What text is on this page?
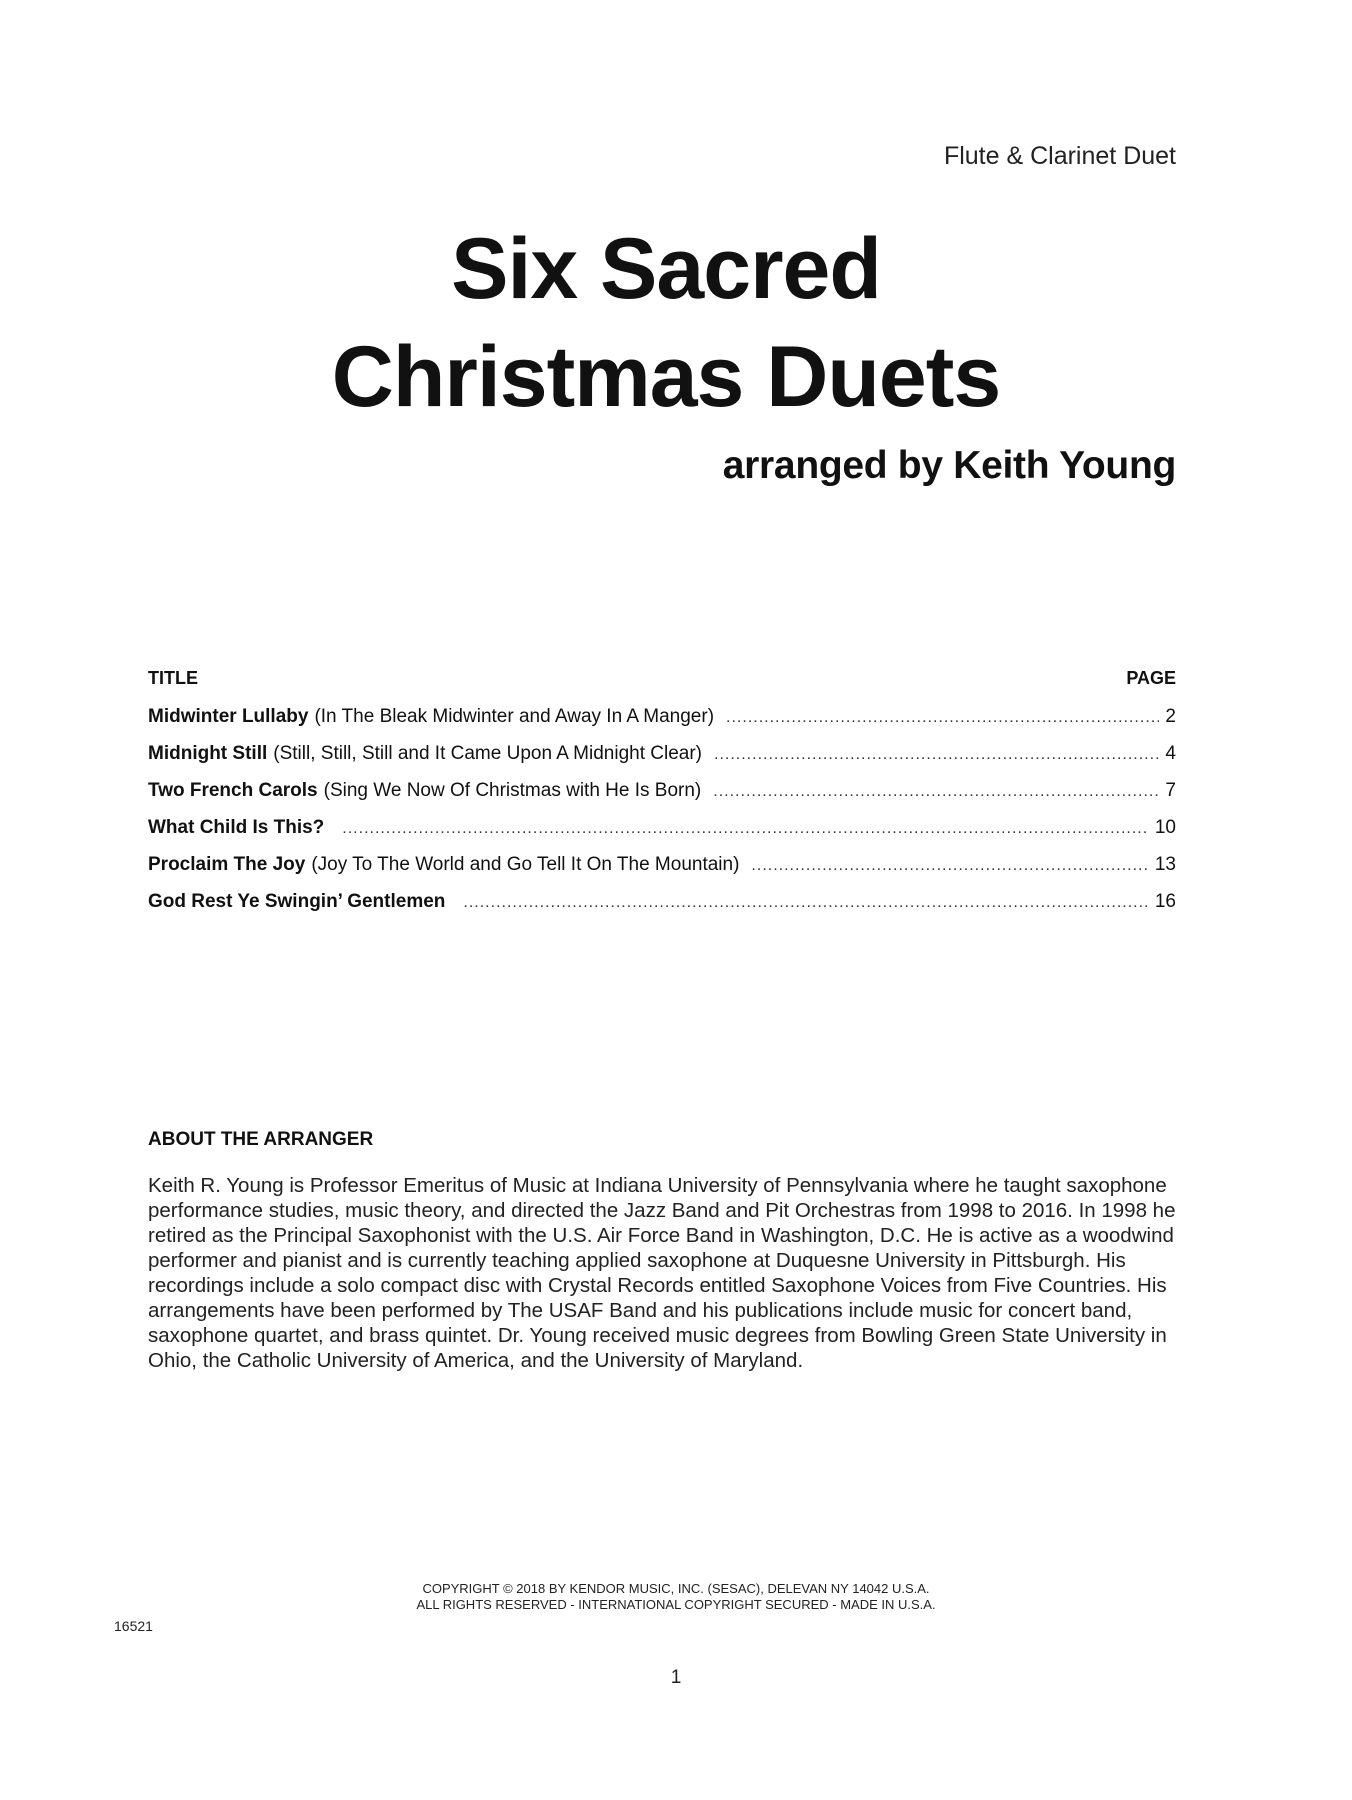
Flute & Clarinet Duet
Six Sacred
Christmas Duets
arranged by Keith Young
TITLE	PAGE
Midwinter Lullaby (In The Bleak Midwinter and Away In A Manger) .....	2
Midnight Still (Still, Still, Still and It Came Upon A Midnight Clear) .....	4
Two French Carols (Sing We Now Of Christmas with He Is Born) .....	7
What Child Is This? .....	10
Proclaim The Joy (Joy To The World and Go Tell It On The Mountain) .....	13
God Rest Ye Swingin’ Gentlemen .....	16
ABOUT THE ARRANGER
Keith R. Young is Professor Emeritus of Music at Indiana University of Pennsylvania where he taught saxophone performance studies, music theory, and directed the Jazz Band and Pit Orchestras from 1998 to 2016. In 1998 he retired as the Principal Saxophonist with the U.S. Air Force Band in Washington, D.C. He is active as a woodwind performer and pianist and is currently teaching applied saxophone at Duquesne University in Pittsburgh. His recordings include a solo compact disc with Crystal Records entitled Saxophone Voices from Five Countries. His arrangements have been performed by The USAF Band and his publications include music for concert band, saxophone quartet, and brass quintet. Dr. Young received music degrees from Bowling Green State University in Ohio, the Catholic University of America, and the University of Maryland.
COPYRIGHT © 2018 BY KENDOR MUSIC, INC. (SESAC), DELEVAN NY 14042 U.S.A.
ALL RIGHTS RESERVED - INTERNATIONAL COPYRIGHT SECURED - MADE IN U.S.A.
16521
1
